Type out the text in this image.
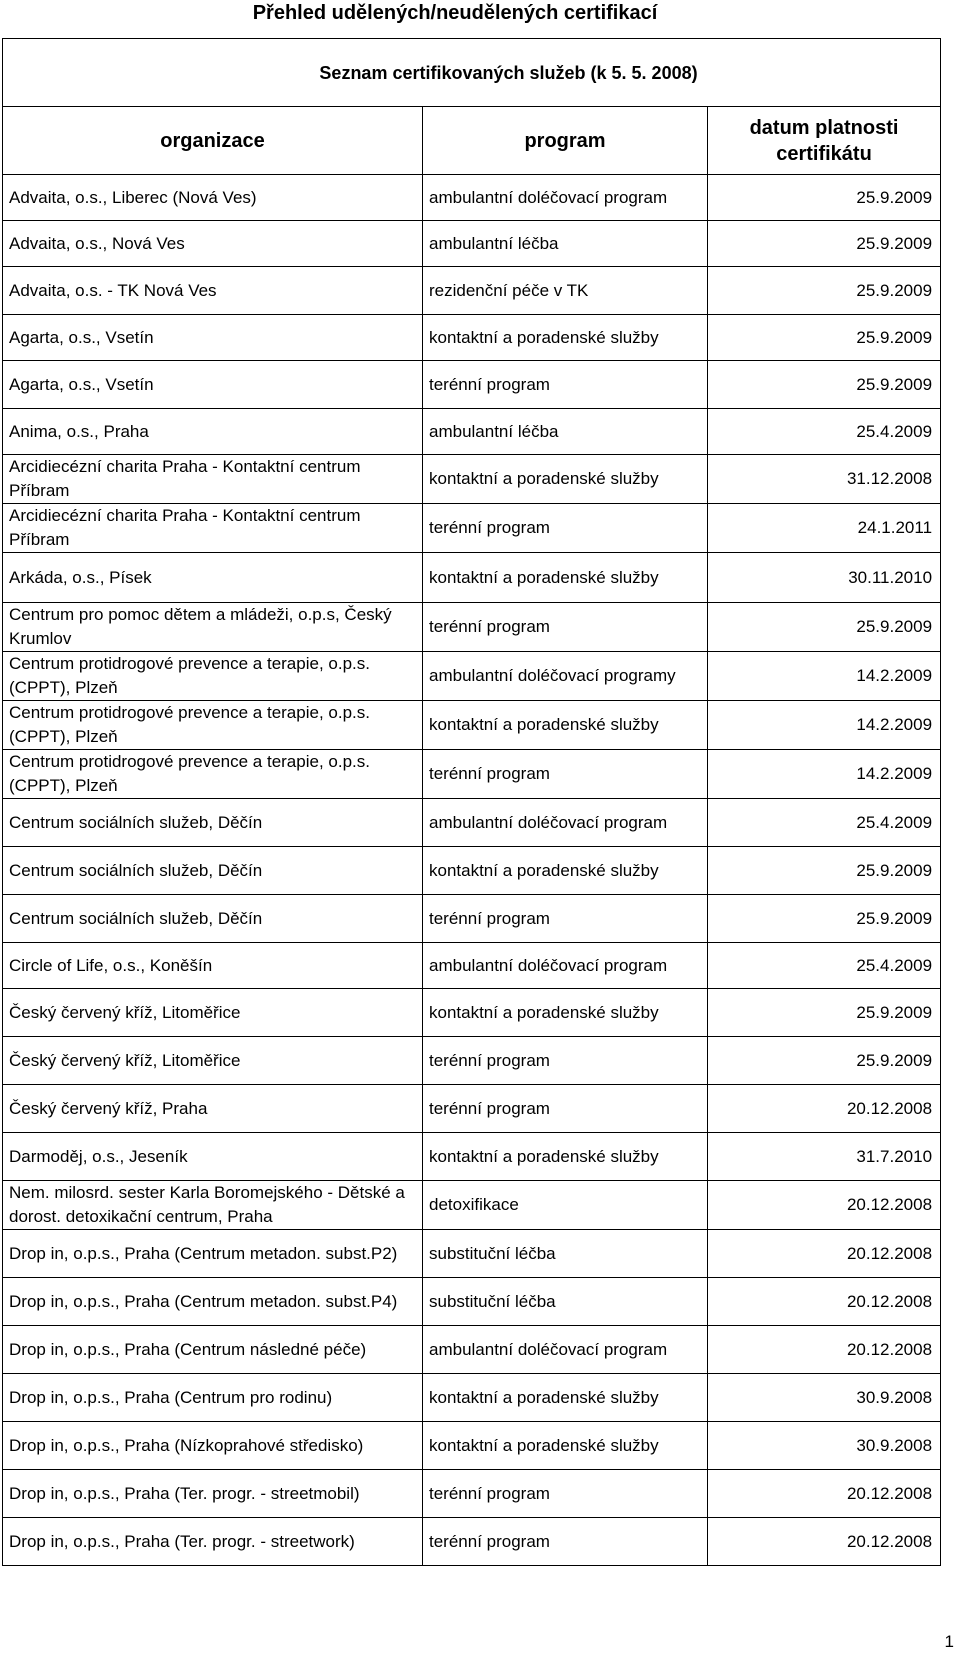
Přehled udělených/neudělených certifikací
Seznam certifikovaných služeb (k 5. 5. 2008)		
organizace	program	datum platnosti certifikátu
Advaita, o.s., Liberec (Nová Ves)	ambulantní doléčovací program	25.9.2009
Advaita, o.s., Nová Ves	ambulantní léčba	25.9.2009
Advaita, o.s. - TK Nová Ves	rezidenční péče v TK	25.9.2009
Agarta, o.s., Vsetín	kontaktní a poradenské služby	25.9.2009
Agarta, o.s., Vsetín	terénní program	25.9.2009
Anima, o.s., Praha	ambulantní léčba	25.4.2009
Arcidiecézní charita Praha - Kontaktní centrum Příbram	kontaktní a poradenské služby	31.12.2008
Arcidiecézní charita Praha - Kontaktní centrum Příbram	terénní program	24.1.2011
Arkáda, o.s., Písek	kontaktní a poradenské služby	30.11.2010
Centrum pro pomoc dětem a mládeži, o.p.s, Český Krumlov	terénní program	25.9.2009
Centrum protidrogové prevence a terapie, o.p.s. (CPPT), Plzeň	ambulantní doléčovací programy	14.2.2009
Centrum protidrogové prevence a terapie, o.p.s. (CPPT), Plzeň	kontaktní a poradenské služby	14.2.2009
Centrum protidrogové prevence a terapie, o.p.s. (CPPT), Plzeň	terénní program	14.2.2009
Centrum sociálních služeb, Děčín	ambulantní doléčovací program	25.4.2009
Centrum sociálních služeb, Děčín	kontaktní a poradenské služby	25.9.2009
Centrum sociálních služeb, Děčín	terénní program	25.9.2009
Circle of Life, o.s., Koněšín	ambulantní doléčovací program	25.4.2009
Český červený kříž, Litoměřice	kontaktní a poradenské služby	25.9.2009
Český červený kříž, Litoměřice	terénní program	25.9.2009
Český červený kříž, Praha	terénní program	20.12.2008
Darmoděj, o.s., Jeseník	kontaktní a poradenské služby	31.7.2010
Nem. milosrd. sester Karla Boromejského - Dětské a dorost. detoxikační centrum, Praha	detoxifikace	20.12.2008
Drop in, o.p.s., Praha (Centrum metadon. subst.P2)	substituční léčba	20.12.2008
Drop in, o.p.s., Praha (Centrum metadon. subst.P4)	substituční léčba	20.12.2008
Drop in, o.p.s., Praha (Centrum následné péče)	ambulantní doléčovací program	20.12.2008
Drop in, o.p.s., Praha (Centrum pro rodinu)	kontaktní a poradenské služby	30.9.2008
Drop in, o.p.s., Praha (Nízkoprahové středisko)	kontaktní a poradenské služby	30.9.2008
Drop in, o.p.s., Praha (Ter. progr. - streetmobil)	terénní program	20.12.2008
Drop in, o.p.s., Praha (Ter. progr. - streetwork)	terénní program	20.12.2008
1
